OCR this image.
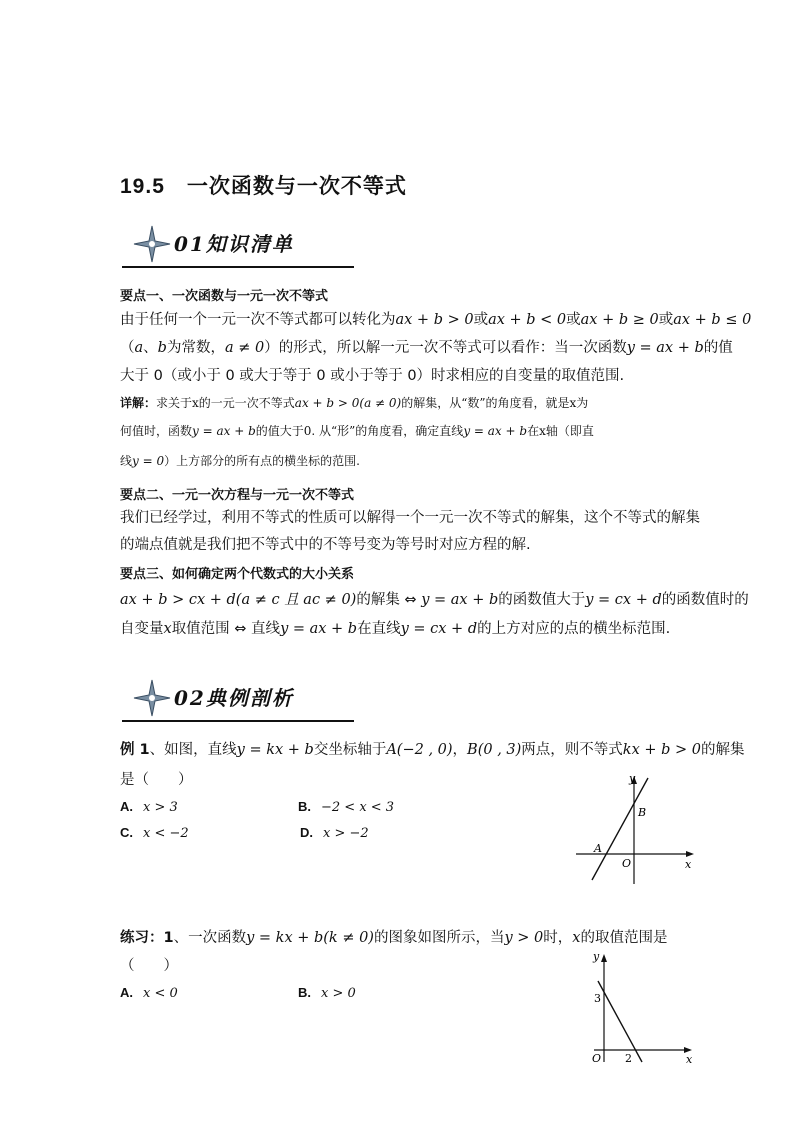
19.5 一次函数与一次不等式
01知识清单
要点一、一次函数与一元一次不等式
由于任何一个一元一次不等式都可以转化为ax + b > 0或ax + b < 0或ax + b ≥ 0或ax + b ≤ 0
（a、b为常数，a ≠ 0）的形式，所以解一元一次不等式可以看作：当一次函数y = ax + b的值
大于 0（或小于 0 或大于等于 0 或小于等于 0）时求相应的自变量的取值范围.
详解：求关于x的一元一次不等式ax + b > 0(a ≠ 0)的解集，从“数”的角度看，就是x为
何值时，函数y = ax + b的值大于0. 从“形”的角度看，确定直线y = ax + b在x轴（即直
线y = 0）上方部分的所有点的横坐标的范围.
要点二、一元一次方程与一元一次不等式
我们已经学过，利用不等式的性质可以解得一个一元一次不等式的解集，这个不等式的解集
的端点值就是我们把不等式中的不等号变为等号时对应方程的解.
要点三、如何确定两个代数式的大小关系
ax + b > cx + d(a ≠ c 且 ac ≠ 0)的解集 ⇔ y = ax + b的函数值大于y = cx + d的函数值时的
自变量x取值范围 ⇔ 直线y = ax + b在直线y = cx + d的上方对应的点的横坐标范围.
02典例剖析
例 1、如图，直线y = kx + b交坐标轴于A(−2 , 0)，B(0 , 3)两点，则不等式kx + b > 0的解集
是（　　）
A. x > 3	B. −2 < x < 3
C. x < −2	D. x > −2
y
x
O
A
B
练习：1、一次函数y = kx + b(k ≠ 0)的图象如图所示，当y > 0时，x的取值范围是
（　　）
A. x < 0	B. x > 0
y
x
O
3
2
